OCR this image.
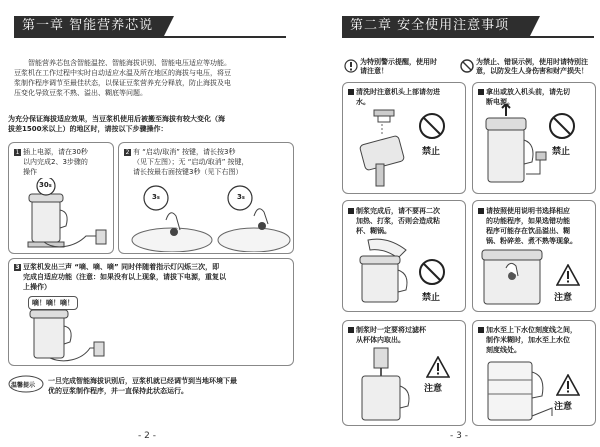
第一章 智能营养芯说明
智能营养芯包含智能温控、智能海拔识别、智能电压适应等功能。
豆浆机在工作过程中实时自动适应水温及所在地区的海拔与电压，将豆
浆制作程序调节至最佳状态，以保证豆浆营养充分释放，防止海拔及电
压变化导致豆浆不熟、溢出、糊底等问题。
为充分保证海拔适应效果，当豆浆机使用后被搬至海拔有较大变化（海
拔差1500米以上）的地区时，请按以下步骤操作：
1 插上电源，请在30秒
以内完成2、3步骤的
操作
30s
2 有 “启动/取消” 按键，请长按3秒
（见下左图）；无 “启动/取消” 按键，
请长按最右面按键3秒（见下右图）
3s	3s
3 豆浆机发出三声 “嘀、嘀、嘀” 同时伴随着指示灯闪烁三次，即
完成自适应功能（注意：如果没有以上现象，请拔下电源，重复以
上操作）
嘀！嘀！嘀！
温馨提示
一旦完成智能海拔识别后，豆浆机就已经调节到当地环境下最
优的豆浆制作程序，并一直保持此状态运行。
- 2 -
第二章 安全使用注意事项
为特别警示提醒，使用时
请注意！
为禁止、错误示例，使用时请特别注
意，以防发生人身伤害和财产损失！
清洗时注意机头上部请勿进
水。
拿出或放入机头前，请先切
断电源。
制浆完成后，请不要再二次
加热、打浆，否则会造成粘
杯、糊锅。
请按照使用说明书选择相应
的功能程序，如果选错功能
程序可能存在饮品溢出、糊
锅、粉碎差、煮不熟等现象。
制浆时一定要将过滤杯
从杯体内取出。
加水至上下水位刻度线之间，
制作米糊时，加水至上水位
刻度线处。
禁止	禁止
禁止	注意
注意
注意
- 3 -
